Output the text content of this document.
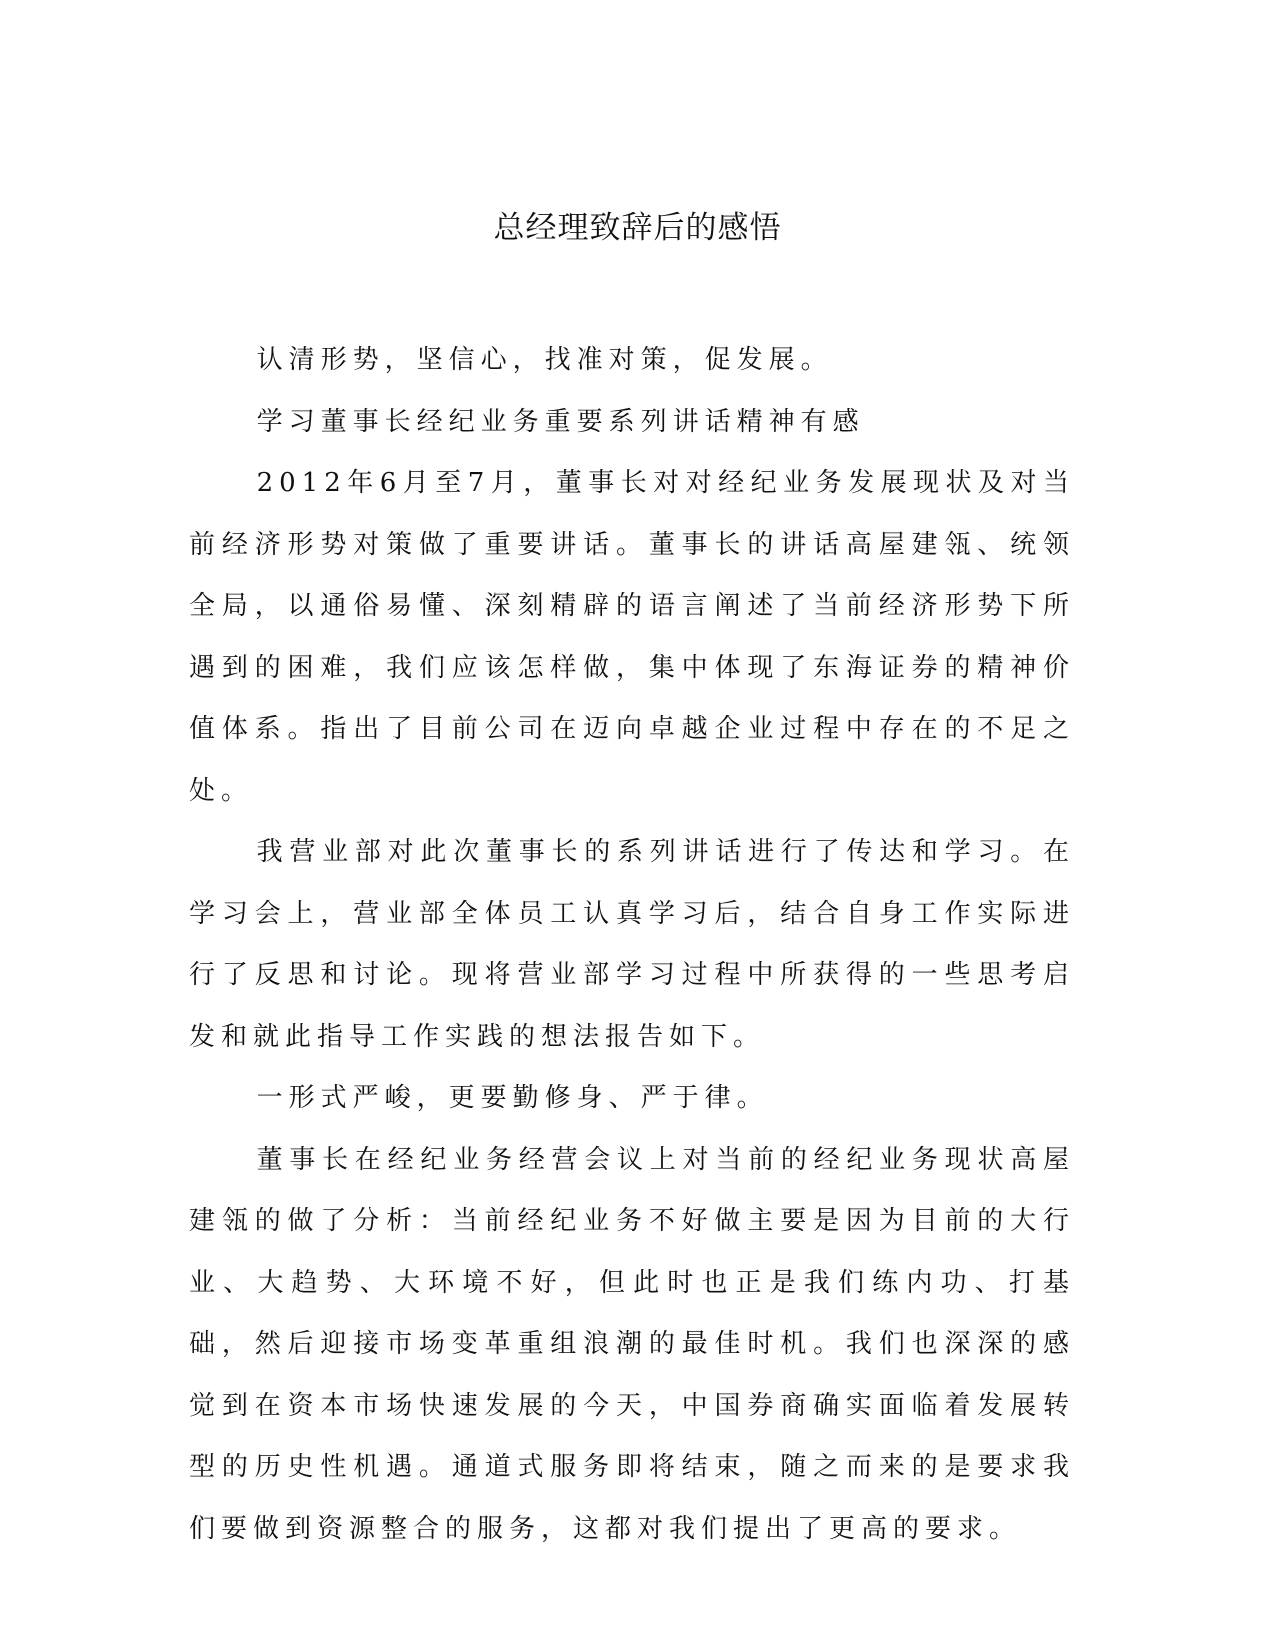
总经理致辞后的感悟

认清形势，坚信心，找准对策，促发展。

学习董事长经纪业务重要系列讲话精神有感

2012年6月至7月，董事长对对经纪业务发展现状及对当前经济形势对策做了重要讲话。董事长的讲话高屋建瓴、统领全局，以通俗易懂、深刻精辟的语言阐述了当前经济形势下所遇到的困难，我们应该怎样做，集中体现了东海证券的精神价值体系。指出了目前公司在迈向卓越企业过程中存在的不足之处。

我营业部对此次董事长的系列讲话进行了传达和学习。在学习会上，营业部全体员工认真学习后，结合自身工作实际进行了反思和讨论。现将营业部学习过程中所获得的一些思考启发和就此指导工作实践的想法报告如下。

一形式严峻，更要勤修身、严于律。

董事长在经纪业务经营会议上对当前的经纪业务现状高屋建瓴的做了分析：当前经纪业务不好做主要是因为目前的大行业、大趋势、大环境不好，但此时也正是我们练内功、打基础，然后迎接市场变革重组浪潮的最佳时机。我们也深深的感觉到在资本市场快速发展的今天，中国券商确实面临着发展转型的历史性机遇。通道式服务即将结束，随之而来的是要求我们要做到资源整合的服务，这都对我们提出了更高的要求。
